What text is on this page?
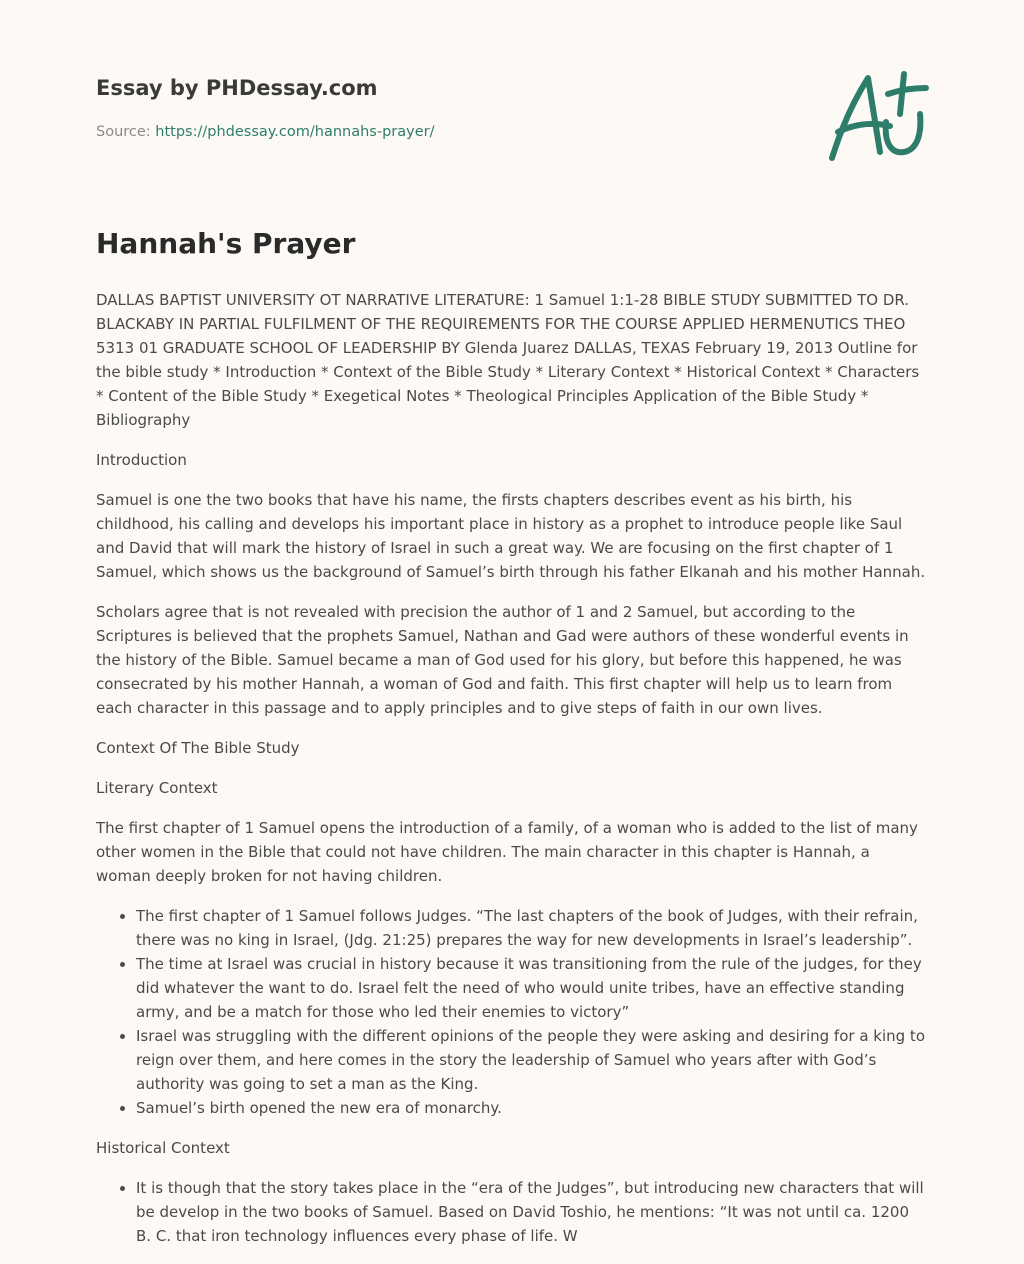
Essay by PHDessay.com
Source: https://phdessay.com/hannahs-prayer/
Hannah's Prayer

DALLAS BAPTIST UNIVERSITY OT NARRATIVE LITERATURE: 1 Samuel 1:1-28 BIBLE STUDY SUBMITTED TO DR. BLACKABY IN PARTIAL FULFILMENT OF THE REQUIREMENTS FOR THE COURSE APPLIED HERMENUTICS THEO 5313 01 GRADUATE SCHOOL OF LEADERSHIP BY Glenda Juarez DALLAS, TEXAS February 19, 2013 Outline for the bible study * Introduction * Context of the Bible Study * Literary Context * Historical Context * Characters * Content of the Bible Study * Exegetical Notes * Theological Principles Application of the Bible Study * Bibliography

Introduction

Samuel is one the two books that have his name, the firsts chapters describes event as his birth, his childhood, his calling and develops his important place in history as a prophet to introduce people like Saul and David that will mark the history of Israel in such a great way. We are focusing on the first chapter of 1 Samuel, which shows us the background of Samuel’s birth through his father Elkanah and his mother Hannah.

Scholars agree that is not revealed with precision the author of 1 and 2 Samuel, but according to the Scriptures is believed that the prophets Samuel, Nathan and Gad were authors of these wonderful events in the history of the Bible. Samuel became a man of God used for his glory, but before this happened, he was consecrated by his mother Hannah, a woman of God and faith. This first chapter will help us to learn from each character in this passage and to apply principles and to give steps of faith in our own lives.

Context Of The Bible Study

Literary Context

The first chapter of 1 Samuel opens the introduction of a family, of a woman who is added to the list of many other women in the Bible that could not have children. The main character in this chapter is Hannah, a woman deeply broken for not having children.

• The first chapter of 1 Samuel follows Judges. “The last chapters of the book of Judges, with their refrain, there was no king in Israel, (Jdg. 21:25) prepares the way for new developments in Israel’s leadership”.
• The time at Israel was crucial in history because it was transitioning from the rule of the judges, for they did whatever the want to do. Israel felt the need of who would unite tribes, have an effective standing army, and be a match for those who led their enemies to victory”
• Israel was struggling with the different opinions of the people they were asking and desiring for a king to reign over them, and here comes in the story the leadership of Samuel who years after with God’s authority was going to set a man as the King.
• Samuel’s birth opened the new era of monarchy.

Historical Context

• It is though that the story takes place in the “era of the Judges”, but introducing new characters that will be develop in the two books of Samuel. Based on David Toshio, he mentions: “It was not until ca. 1200 B. C. that iron technology influences every phase of life. W
